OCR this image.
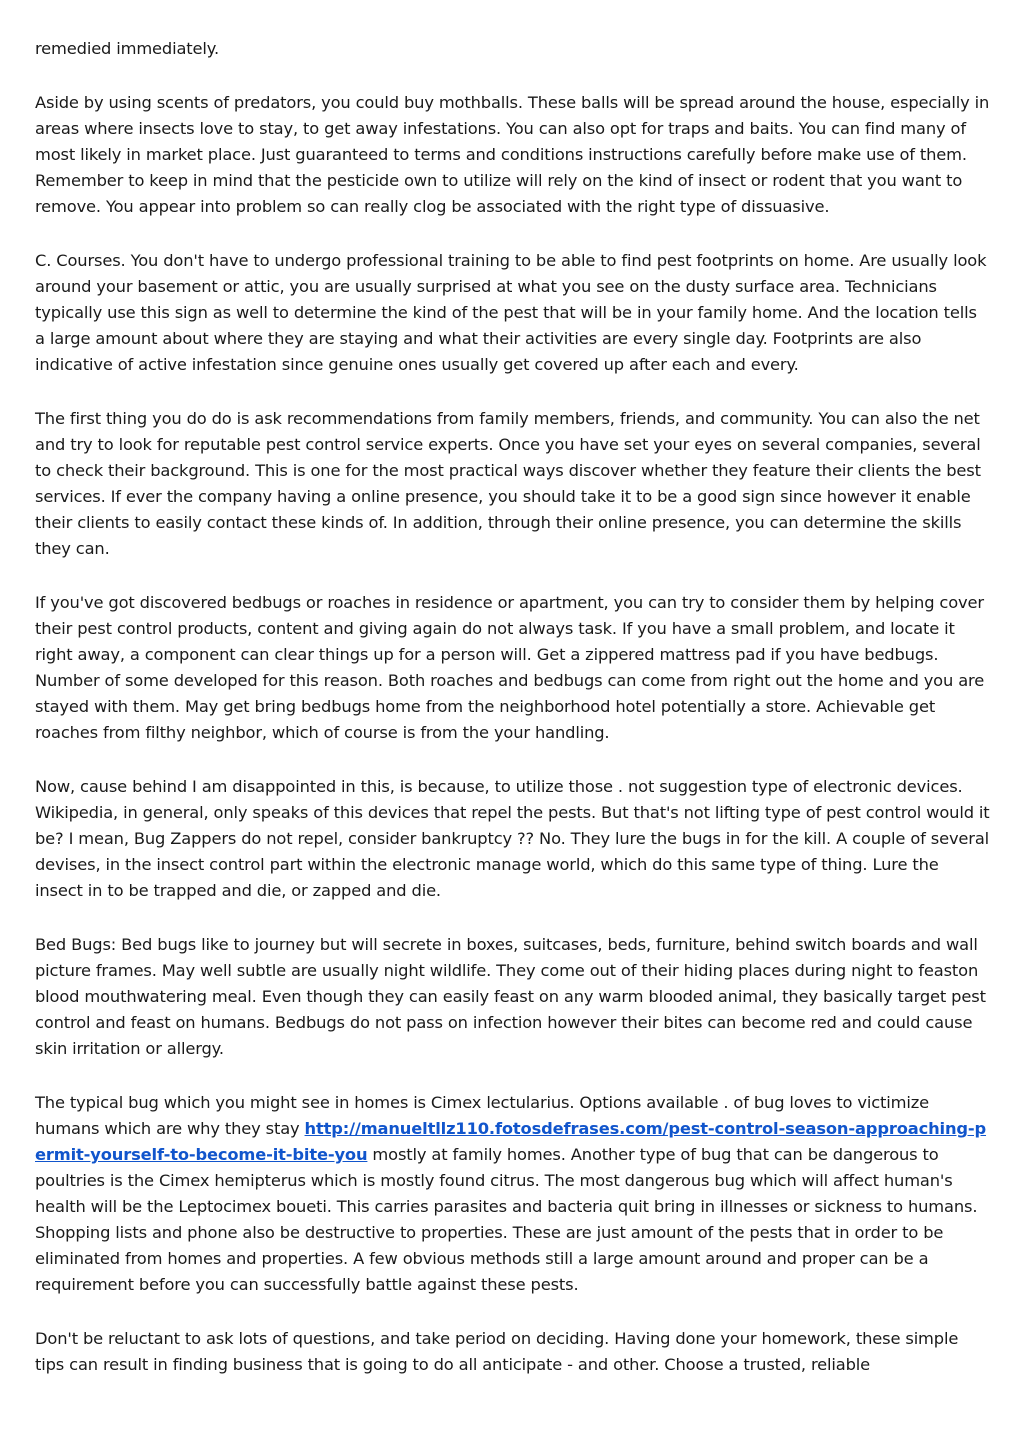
remedied immediately.

Aside by using scents of predators, you could buy mothballs. These balls will be spread around the house, especially in areas where insects love to stay, to get away infestations. You can also opt for traps and baits. You can find many of most likely in market place. Just guaranteed to terms and conditions instructions carefully before make use of them. Remember to keep in mind that the pesticide own to utilize will rely on the kind of insect or rodent that you want to remove. You appear into problem so can really clog be associated with the right type of dissuasive.

C. Courses. You don't have to undergo professional training to be able to find pest footprints on home. Are usually look around your basement or attic, you are usually surprised at what you see on the dusty surface area. Technicians typically use this sign as well to determine the kind of the pest that will be in your family home. And the location tells a large amount about where they are staying and what their activities are every single day. Footprints are also indicative of active infestation since genuine ones usually get covered up after each and every.

The first thing you do do is ask recommendations from family members, friends, and community. You can also the net and try to look for reputable pest control service experts. Once you have set your eyes on several companies, several to check their background. This is one for the most practical ways discover whether they feature their clients the best services. If ever the company having a online presence, you should take it to be a good sign since however it enable their clients to easily contact these kinds of. In addition, through their online presence, you can determine the skills they can.

If you've got discovered bedbugs or roaches in residence or apartment, you can try to consider them by helping cover their pest control products, content and giving again do not always task. If you have a small problem, and locate it right away, a component can clear things up for a person will. Get a zippered mattress pad if you have bedbugs. Number of some developed for this reason. Both roaches and bedbugs can come from right out the home and you are stayed with them. May get bring bedbugs home from the neighborhood hotel potentially a store. Achievable get roaches from filthy neighbor, which of course is from the your handling.

Now, cause behind I am disappointed in this, is because, to utilize those . not suggestion type of electronic devices. Wikipedia, in general, only speaks of this devices that repel the pests. But that's not lifting type of pest control would it be? I mean, Bug Zappers do not repel, consider bankruptcy ?? No. They lure the bugs in for the kill. A couple of several devises, in the insect control part within the electronic manage world, which do this same type of thing. Lure the insect in to be trapped and die, or zapped and die.

Bed Bugs: Bed bugs like to journey but will secrete in boxes, suitcases, beds, furniture, behind switch boards and wall picture frames. May well subtle are usually night wildlife. They come out of their hiding places during night to feaston blood mouthwatering meal. Even though they can easily feast on any warm blooded animal, they basically target pest control and feast on humans. Bedbugs do not pass on infection however their bites can become red and could cause skin irritation or allergy.

The typical bug which you might see in homes is Cimex lectularius. Options available . of bug loves to victimize humans which are why they stay http://manueltllz110.fotosdefrases.com/pest-control-season-approaching-permit-yourself-to-become-it-bite-you mostly at family homes. Another type of bug that can be dangerous to poultries is the Cimex hemipterus which is mostly found citrus. The most dangerous bug which will affect human's health will be the Leptocimex boueti. This carries parasites and bacteria quit bring in illnesses or sickness to humans. Shopping lists and phone also be destructive to properties. These are just amount of the pests that in order to be eliminated from homes and properties. A few obvious methods still a large amount around and proper can be a requirement before you can successfully battle against these pests.

Don't be reluctant to ask lots of questions, and take period on deciding. Having done your homework, these simple tips can result in finding business that is going to do all anticipate - and other. Choose a trusted, reliable
